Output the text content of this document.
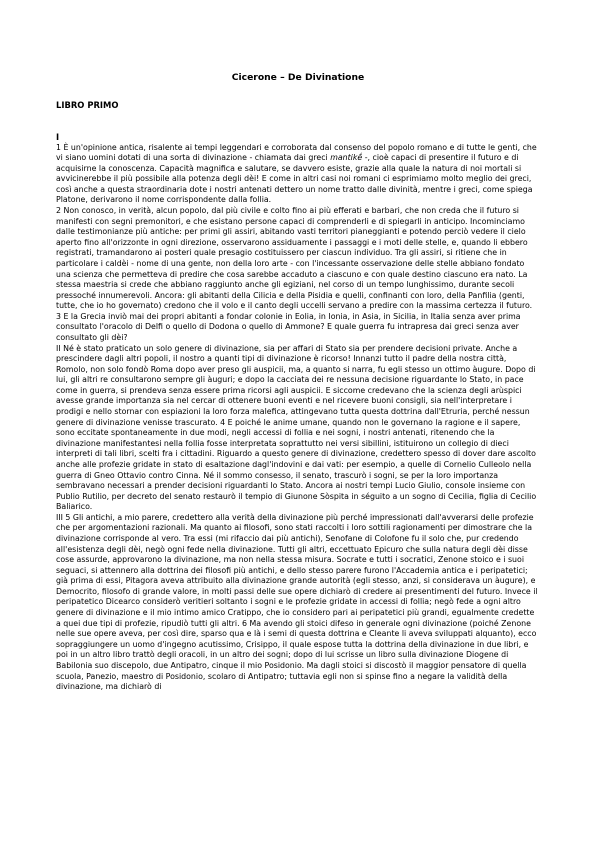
Cicerone – De Divinatione
LIBRO PRIMO

I

1 È un'opinione antica, risalente ai tempi leggendari e corroborata dal consenso del popolo romano e di tutte le genti, che vi siano uomini dotati di una sorta di divinazione - chiamata dai greci mantikḗ -, cioè capaci di presentire il futuro e di acquisirne la conoscenza. Capacità magnifica e salutare, se davvero esiste, grazie alla quale la natura di noi mortali si avvicinerebbe il più possibile alla potenza degli dèi! E come in altri casi noi romani ci esprimiamo molto meglio dei greci, così anche a questa straordinaria dote i nostri antenati dettero un nome tratto dalle divinità, mentre i greci, come spiega Platone, derivarono il nome corrispondente dalla follia.

2 Non conosco, in verità, alcun popolo, dal più civile e colto fino ai più efferati e barbari, che non creda che il futuro si manifesti con segni premonitori, e che esistano persone capaci di comprenderli e di spiegarli in anticipo. Incominciamo dalle testimonianze più antiche: per primi gli assiri, abitando vasti territori pianeggianti e potendo perciò vedere il cielo aperto fino all'orizzonte in ogni direzione, osservarono assiduamente i passaggi e i moti delle stelle, e, quando li ebbero registrati, tramandarono ai posteri quale presagio costituissero per ciascun individuo. Tra gli assiri, si ritiene che in particolare i caldèi - nome di una gente, non della loro arte - con l'incessante osservazione delle stelle abbiano fondato una scienza che permetteva di predire che cosa sarebbe accaduto a ciascuno e con quale destino ciascuno era nato. La stessa maestria si crede che abbiano raggiunto anche gli egiziani, nel corso di un tempo lunghissimo, durante secoli pressoché innumerevoli. Ancora: gli abitanti della Cilicia e della Pisidia e quelli, confinanti con loro, della Panfilia (genti, tutte, che io ho governato) credono che il volo e il canto degli uccelli servano a predire con la massima certezza il futuro.

3 E la Grecia inviò mai dei propri abitanti a fondar colonie in Eolia, in Ionia, in Asia, in Sicilia, in Italia senza aver prima consultato l'oracolo di Delfi o quello di Dodona o quello di Ammone? E quale guerra fu intrapresa dai greci senza aver consultato gli dèi?

II Né è stato praticato un solo genere di divinazione, sia per affari di Stato sia per prendere decisioni private. Anche a prescindere dagli altri popoli, il nostro a quanti tipi di divinazione è ricorso! Innanzi tutto il padre della nostra città, Romolo, non solo fondò Roma dopo aver preso gli auspicii, ma, a quanto si narra, fu egli stesso un ottimo àugure. Dopo di lui, gli altri re consultarono sempre gli àuguri; e dopo la cacciata dei re nessuna decisione riguardante lo Stato, in pace come in guerra, si prendeva senza essere prima ricorsi agli auspicii. E siccome credevano che la scienza degli arùspici avesse grande importanza sia nel cercar di ottenere buoni eventi e nel ricevere buoni consigli, sia nell'interpretare i prodigi e nello stornar con espiazioni la loro forza malefica, attingevano tutta questa dottrina dall'Etruria, perché nessun genere di divinazione venisse trascurato. 4 E poiché le anime umane, quando non le governano la ragione e il sapere, sono eccitate spontaneamente in due modi, negli accessi di follia e nei sogni, i nostri antenati, ritenendo che la divinazione manifestantesi nella follia fosse interpretata soprattutto nei versi sibillini, istituirono un collegio di dieci interpreti di tali libri, scelti fra i cittadini. Riguardo a questo genere di divinazione, credettero spesso di dover dare ascolto anche alle profezie gridate in stato di esaltazione dagl'indovini e dai vati: per esempio, a quelle di Cornelio Culleolo nella guerra di Gneo Ottavio contro Cinna. Né il sommo consesso, il senato, trascurò i sogni, se per la loro importanza sembravano necessari a prender decisioni riguardanti lo Stato. Ancora ai nostri tempi Lucio Giulio, console insieme con Publio Rutilio, per decreto del senato restaurò il tempio di Giunone Sòspita in séguito a un sogno di Cecilia, figlia di Cecilio Baliarico.

III 5 Gli antichi, a mio parere, credettero alla verità della divinazione più perché impressionati dall'avverarsi delle profezie che per argomentazioni razionali. Ma quanto ai filosofi, sono stati raccolti i loro sottili ragionamenti per dimostrare che la divinazione corrisponde al vero. Tra essi (mi rifaccio dai più antichi), Senofane di Colofone fu il solo che, pur credendo all'esistenza degli dèi, negò ogni fede nella divinazione. Tutti gli altri, eccettuato Epicuro che sulla natura degli dèi disse cose assurde, approvarono la divinazione, ma non nella stessa misura. Socrate e tutti i socratici, Zenone stoico e i suoi seguaci, si attennero alla dottrina dei filosofi più antichi, e dello stesso parere furono l'Accademia antica e i peripatetici; già prima di essi, Pitagora aveva attribuito alla divinazione grande autorità (egli stesso, anzi, si considerava un àugure), e Democrito, filosofo di grande valore, in molti passi delle sue opere dichiarò di credere ai presentimenti del futuro. Invece il peripatetico Dicearco considerò veritieri soltanto i sogni e le profezie gridate in accessi di follia; negò fede a ogni altro genere di divinazione e il mio intimo amico Cratippo, che io considero pari ai peripatetici più grandi, egualmente credette a quei due tipi di profezie, ripudiò tutti gli altri. 6 Ma avendo gli stoici difeso in generale ogni divinazione (poiché Zenone nelle sue opere aveva, per così dire, sparso qua e là i semi di questa dottrina e Cleante li aveva sviluppati alquanto), ecco sopraggiungere un uomo d'ingegno acutissimo, Crisippo, il quale espose tutta la dottrina della divinazione in due libri, e poi in un altro libro trattò degli oracoli, in un altro dei sogni; dopo di lui scrisse un libro sulla divinazione Diogene di Babilonia suo discepolo, due Antipatro, cinque il mio Posidonio. Ma dagli stoici si discostò il maggior pensatore di quella scuola, Panezio, maestro di Posidonio, scolaro di Antipatro; tuttavia egli non si spinse fino a negare la validità della divinazione, ma dichiarò di
